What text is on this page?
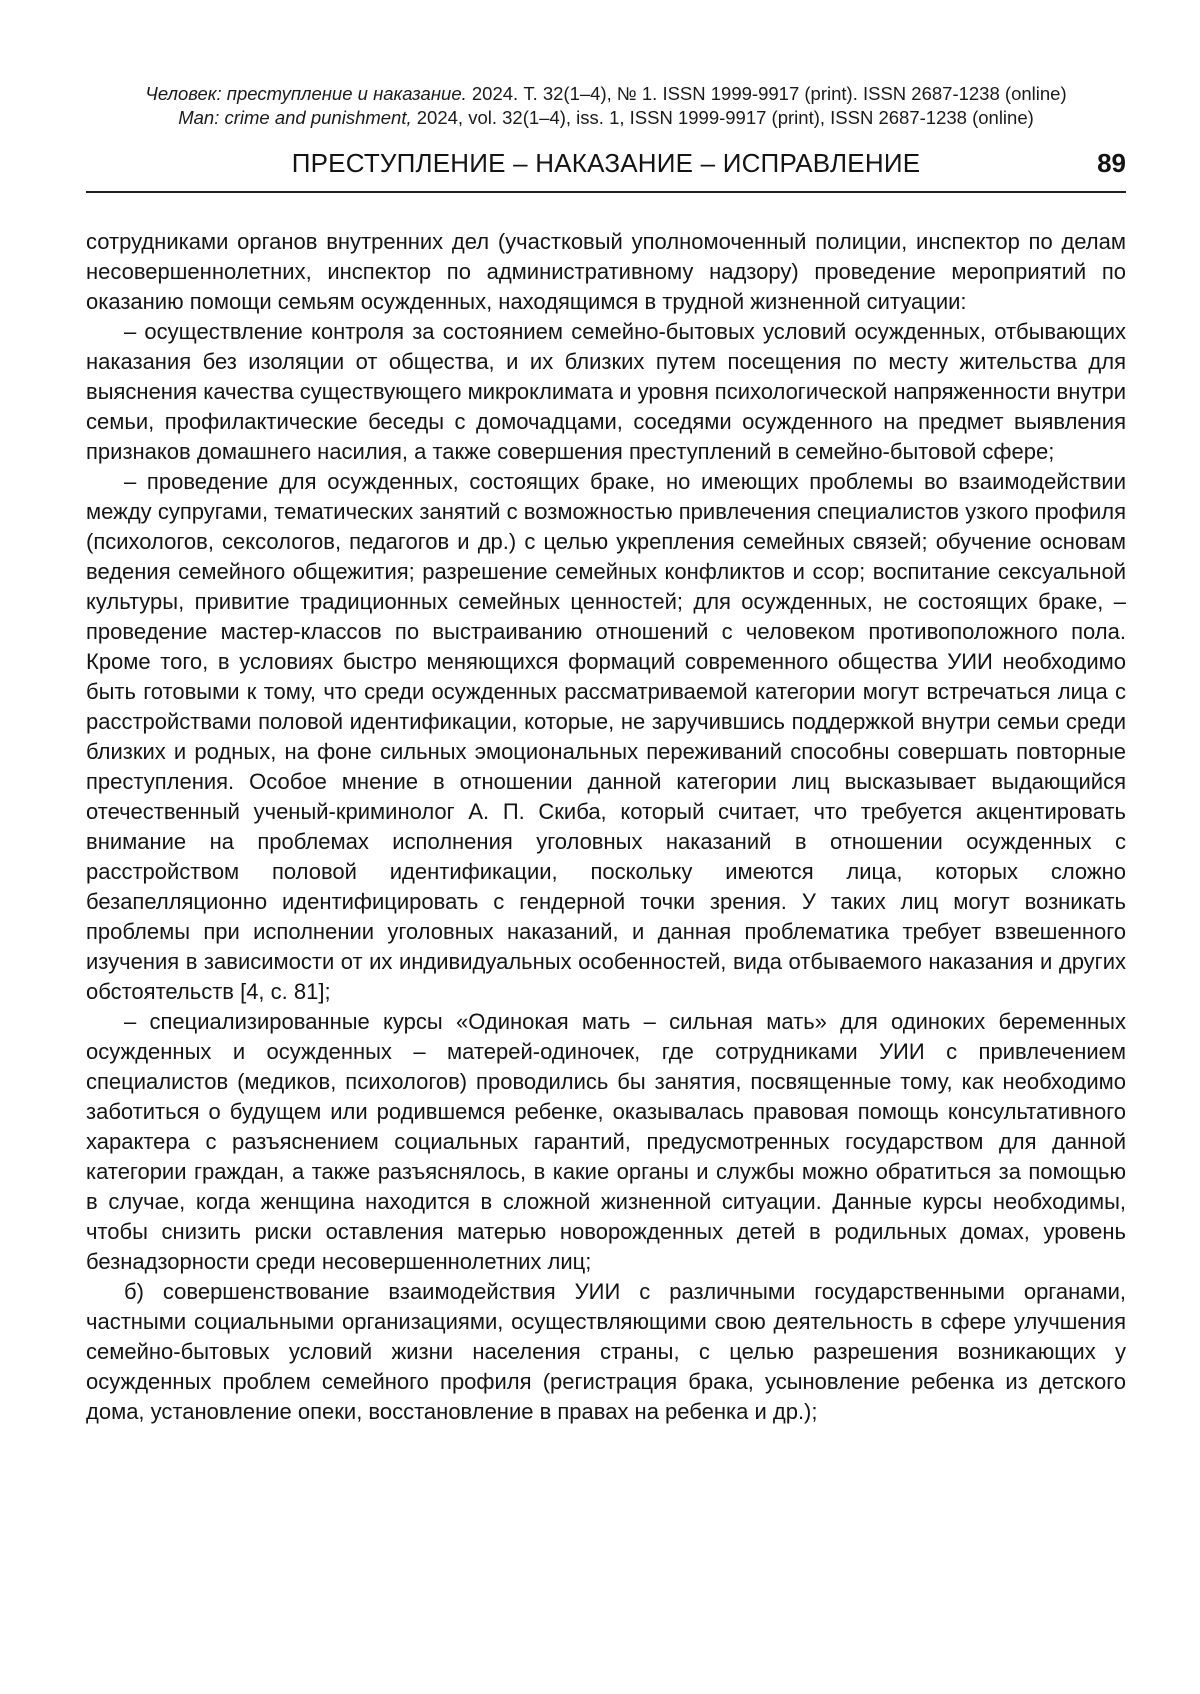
Человек: преступление и наказание. 2024. Т. 32(1–4), № 1. ISSN 1999-9917 (print). ISSN 2687-1238 (online)
Man: crime and punishment, 2024, vol. 32(1–4), iss. 1, ISSN 1999-9917 (print), ISSN 2687-1238 (online)
ПРЕСТУПЛЕНИЕ – НАКАЗАНИЕ – ИСПРАВЛЕНИЕ	89

сотрудниками органов внутренних дел (участковый уполномоченный полиции, инспектор по делам несовершеннолетних, инспектор по административному надзору) проведение мероприятий по оказанию помощи семьям осужденных, находящимся в трудной жизненной ситуации:

– осуществление контроля за состоянием семейно-бытовых условий осужденных, отбывающих наказания без изоляции от общества, и их близких путем посещения по месту жительства для выяснения качества существующего микроклимата и уровня психологической напряженности внутри семьи, профилактические беседы с домочадцами, соседями осужденного на предмет выявления признаков домашнего насилия, а также совершения преступлений в семейно-бытовой сфере;

– проведение для осужденных, состоящих браке, но имеющих проблемы во взаимодействии между супругами, тематических занятий с возможностью привлечения специалистов узкого профиля (психологов, сексологов, педагогов и др.) с целью укрепления семейных связей; обучение основам ведения семейного общежития; разрешение семейных конфликтов и ссор; воспитание сексуальной культуры, привитие традиционных семейных ценностей; для осужденных, не состоящих браке, – проведение мастер-классов по выстраиванию отношений с человеком противоположного пола. Кроме того, в условиях быстро меняющихся формаций современного общества УИИ необходимо быть готовыми к тому, что среди осужденных рассматриваемой категории могут встречаться лица с расстройствами половой идентификации, которые, не заручившись поддержкой внутри семьи среди близких и родных, на фоне сильных эмоциональных переживаний способны совершать повторные преступления. Особое мнение в отношении данной категории лиц высказывает выдающийся отечественный ученый-криминолог А. П. Скиба, который считает, что требуется акцентировать внимание на проблемах исполнения уголовных наказаний в отношении осужденных с расстройством половой идентификации, поскольку имеются лица, которых сложно безапелляционно идентифицировать с гендерной точки зрения. У таких лиц могут возникать проблемы при исполнении уголовных наказаний, и данная проблематика требует взвешенного изучения в зависимости от их индивидуальных особенностей, вида отбываемого наказания и других обстоятельств [4, с. 81];

– специализированные курсы «Одинокая мать – сильная мать» для одиноких беременных осужденных и осужденных – матерей-одиночек, где сотрудниками УИИ с привлечением специалистов (медиков, психологов) проводились бы занятия, посвященные тому, как необходимо заботиться о будущем или родившемся ребенке, оказывалась правовая помощь консультативного характера с разъяснением социальных гарантий, предусмотренных государством для данной категории граждан, а также разъяснялось, в какие органы и службы можно обратиться за помощью в случае, когда женщина находится в сложной жизненной ситуации. Данные курсы необходимы, чтобы снизить риски оставления матерью новорожденных детей в родильных домах, уровень безнадзорности среди несовершеннолетних лиц;

б) совершенствование взаимодействия УИИ с различными государственными органами, частными социальными организациями, осуществляющими свою деятельность в сфере улучшения семейно-бытовых условий жизни населения страны, с целью разрешения возникающих у осужденных проблем семейного профиля (регистрация брака, усыновление ребенка из детского дома, установление опеки, восстановление в правах на ребенка и др.);
